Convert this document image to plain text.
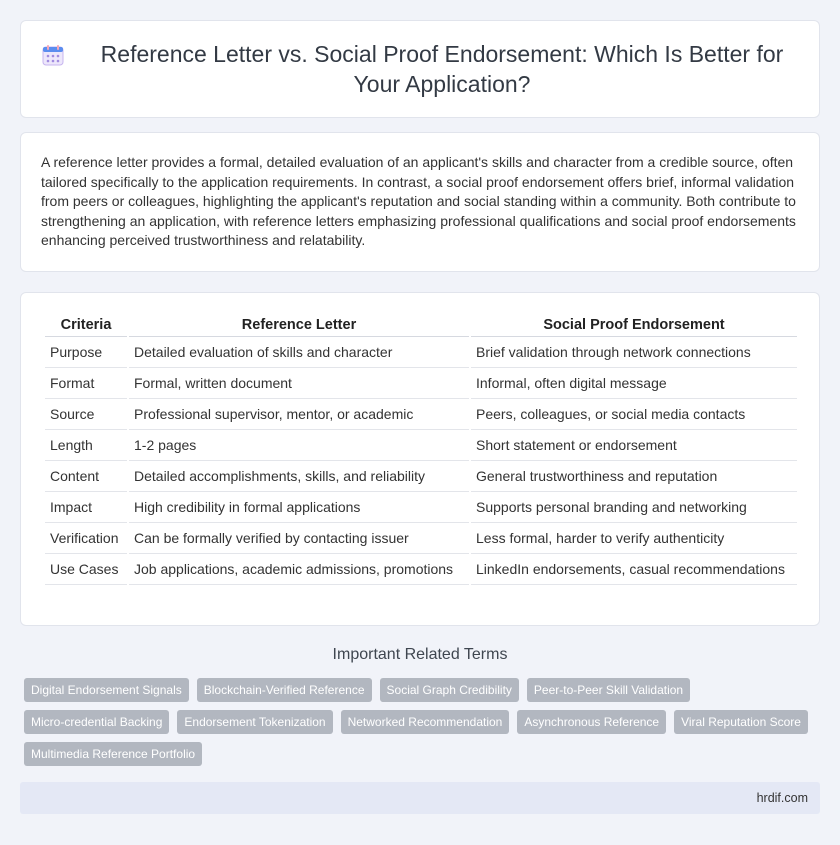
Reference Letter vs. Social Proof Endorsement: Which Is Better for Your Application?

A reference letter provides a formal, detailed evaluation of an applicant's skills and character from a credible source, often tailored specifically to the application requirements. In contrast, a social proof endorsement offers brief, informal validation from peers or colleagues, highlighting the applicant's reputation and social standing within a community. Both contribute to strengthening an application, with reference letters emphasizing professional qualifications and social proof endorsements enhancing perceived trustworthiness and relatability.

Criteria	Reference Letter	Social Proof Endorsement
Purpose	Detailed evaluation of skills and character	Brief validation through network connections
Format	Formal, written document	Informal, often digital message
Source	Professional supervisor, mentor, or academic	Peers, colleagues, or social media contacts
Length	1-2 pages	Short statement or endorsement
Content	Detailed accomplishments, skills, and reliability	General trustworthiness and reputation
Impact	High credibility in formal applications	Supports personal branding and networking
Verification	Can be formally verified by contacting issuer	Less formal, harder to verify authenticity
Use Cases	Job applications, academic admissions, promotions	LinkedIn endorsements, casual recommendations
Important Related Terms
Digital Endorsement Signals	Blockchain-Verified Reference	Social Graph Credibility	Peer-to-Peer Skill Validation
Micro-credential Backing	Endorsement Tokenization	Networked Recommendation	Asynchronous Reference	Viral Reputation Score
Multimedia Reference Portfolio
hrdif.com
